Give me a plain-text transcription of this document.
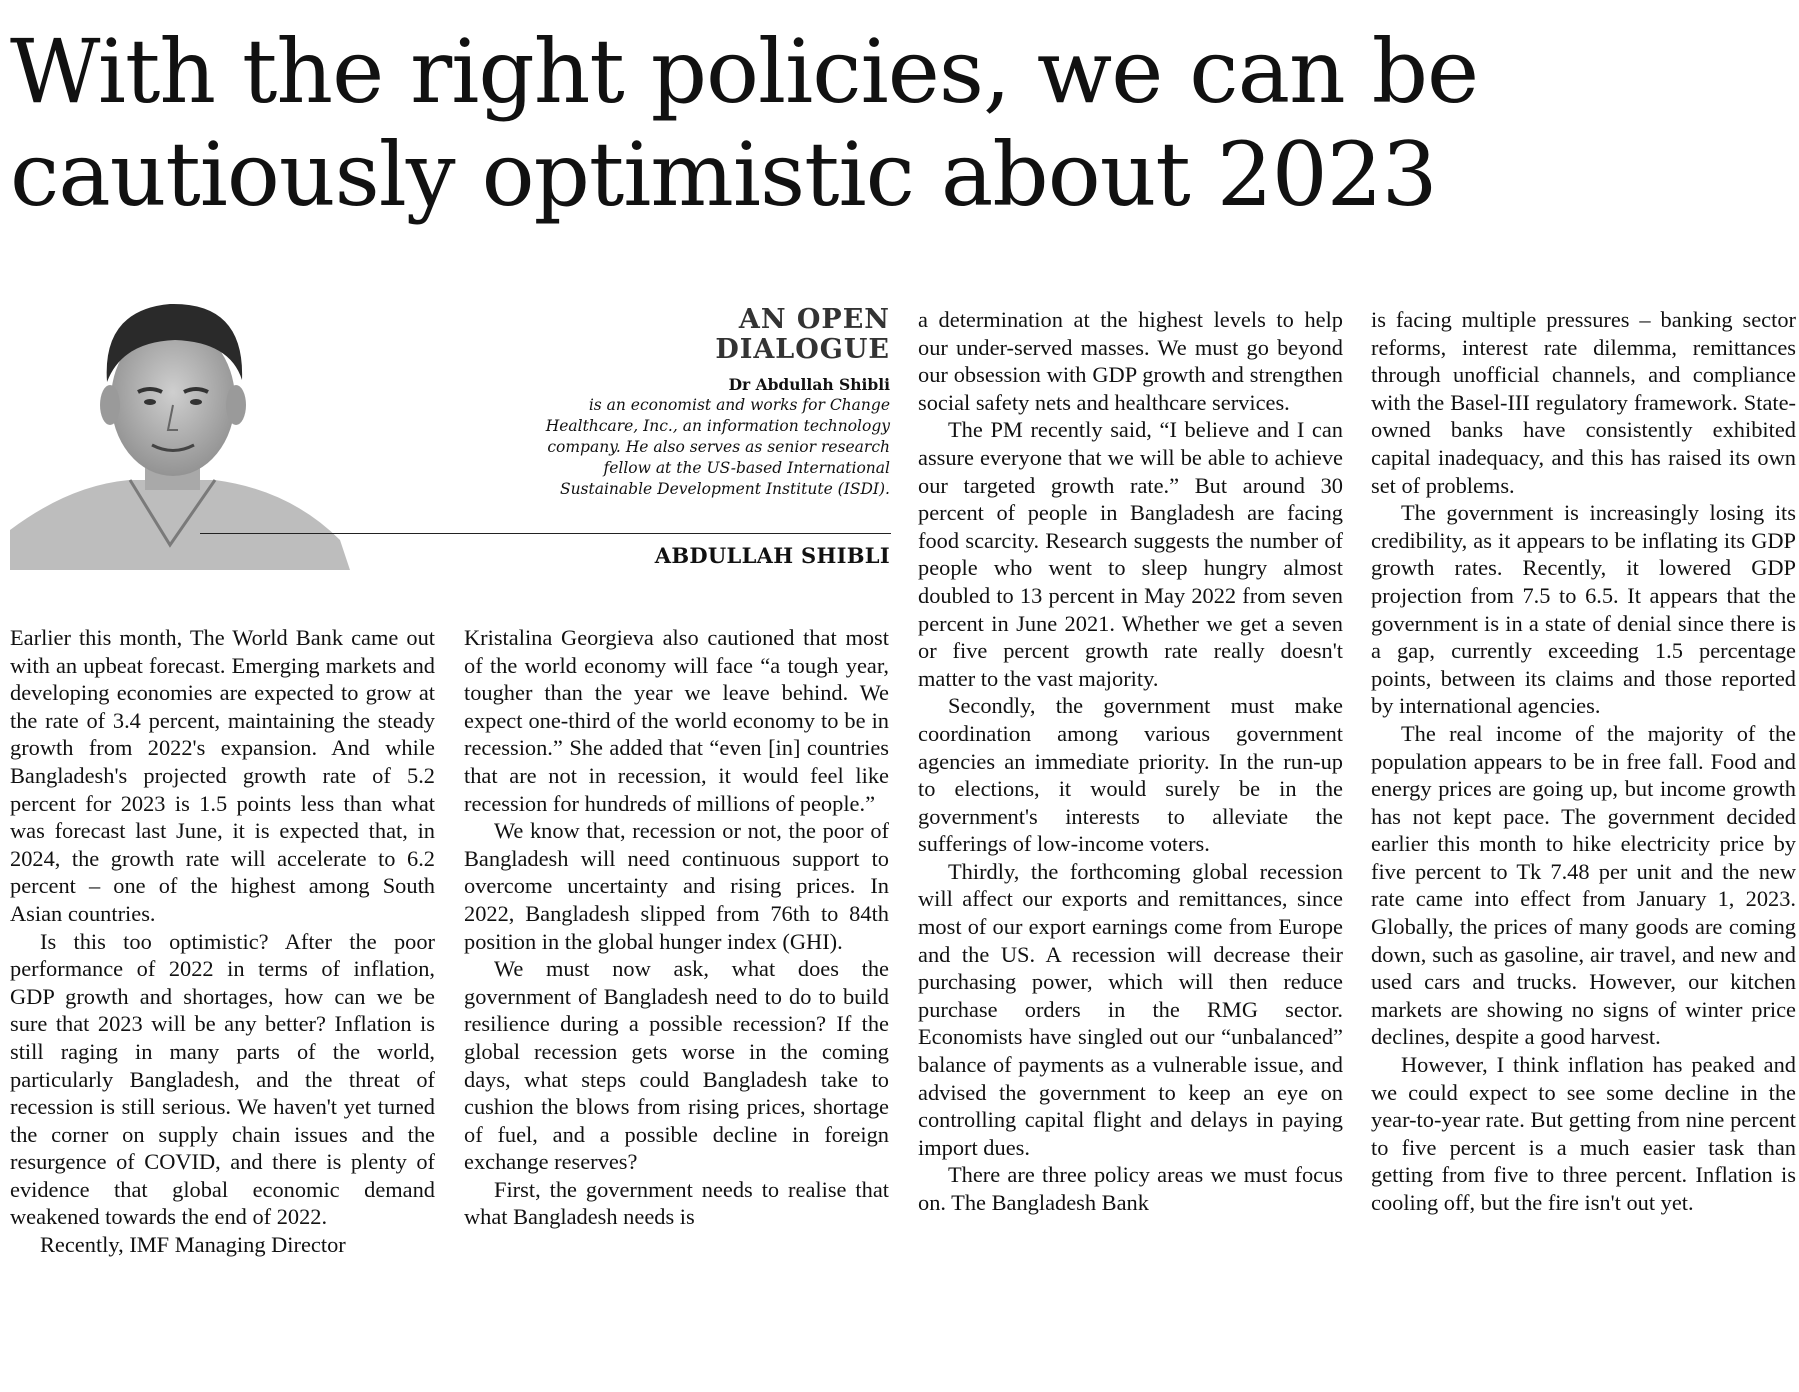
With the right policies, we can be
cautiously optimistic about 2023
AN OPEN
DIALOGUE
Dr Abdullah Shibli
is an economist and works for Change
Healthcare, Inc., an information technology
company. He also serves as senior research
fellow at the US-based International
Sustainable Development Institute (ISDI).
ABDULLAH SHIBLI

Earlier this month, The World Bank came out with an upbeat forecast. Emerging markets and developing economies are expected to grow at the rate of 3.4 percent, maintaining the steady growth from 2022's expansion. And while Bangladesh's projected growth rate of 5.2 percent for 2023 is 1.5 points less than what was forecast last June, it is expected that, in 2024, the growth rate will accelerate to 6.2 percent – one of the highest among South Asian countries.

Is this too optimistic? After the poor performance of 2022 in terms of inflation, GDP growth and shortages, how can we be sure that 2023 will be any better? Inflation is still raging in many parts of the world, particularly Bangladesh, and the threat of recession is still serious. We haven't yet turned the corner on supply chain issues and the resurgence of COVID, and there is plenty of evidence that global economic demand weakened towards the end of 2022.

Recently, IMF Managing Director

Kristalina Georgieva also cautioned that most of the world economy will face “a tough year, tougher than the year we leave behind. We expect one-third of the world economy to be in recession.” She added that “even [in] countries that are not in recession, it would feel like recession for hundreds of millions of people.”

We know that, recession or not, the poor of Bangladesh will need continuous support to overcome uncertainty and rising prices. In 2022, Bangladesh slipped from 76th to 84th position in the global hunger index (GHI).

We must now ask, what does the government of Bangladesh need to do to build resilience during a possible recession? If the global recession gets worse in the coming days, what steps could Bangladesh take to cushion the blows from rising prices, shortage of fuel, and a possible decline in foreign exchange reserves?

First, the government needs to realise that what Bangladesh needs is

a determination at the highest levels to help our under-served masses. We must go beyond our obsession with GDP growth and strengthen social safety nets and healthcare services.

The PM recently said, “I believe and I can assure everyone that we will be able to achieve our targeted growth rate.” But around 30 percent of people in Bangladesh are facing food scarcity. Research suggests the number of people who went to sleep hungry almost doubled to 13 percent in May 2022 from seven percent in June 2021. Whether we get a seven or five percent growth rate really doesn't matter to the vast majority.

Secondly, the government must make coordination among various government agencies an immediate priority. In the run-up to elections, it would surely be in the government's interests to alleviate the sufferings of low-income voters.

Thirdly, the forthcoming global recession will affect our exports and remittances, since most of our export earnings come from Europe and the US. A recession will decrease their purchasing power, which will then reduce purchase orders in the RMG sector. Economists have singled out our “unbalanced” balance of payments as a vulnerable issue, and advised the government to keep an eye on controlling capital flight and delays in paying import dues.

There are three policy areas we must focus on. The Bangladesh Bank

is facing multiple pressures – banking sector reforms, interest rate dilemma, remittances through unofficial channels, and compliance with the Basel-III regulatory framework. State-owned banks have consistently exhibited capital inadequacy, and this has raised its own set of problems.

The government is increasingly losing its credibility, as it appears to be inflating its GDP growth rates. Recently, it lowered GDP projection from 7.5 to 6.5. It appears that the government is in a state of denial since there is a gap, currently exceeding 1.5 percentage points, between its claims and those reported by international agencies.

The real income of the majority of the population appears to be in free fall. Food and energy prices are going up, but income growth has not kept pace. The government decided earlier this month to hike electricity price by five percent to Tk 7.48 per unit and the new rate came into effect from January 1, 2023. Globally, the prices of many goods are coming down, such as gasoline, air travel, and new and used cars and trucks. However, our kitchen markets are showing no signs of winter price declines, despite a good harvest.

However, I think inflation has peaked and we could expect to see some decline in the year-to-year rate. But getting from nine percent to five percent is a much easier task than getting from five to three percent. Inflation is cooling off, but the fire isn't out yet.
